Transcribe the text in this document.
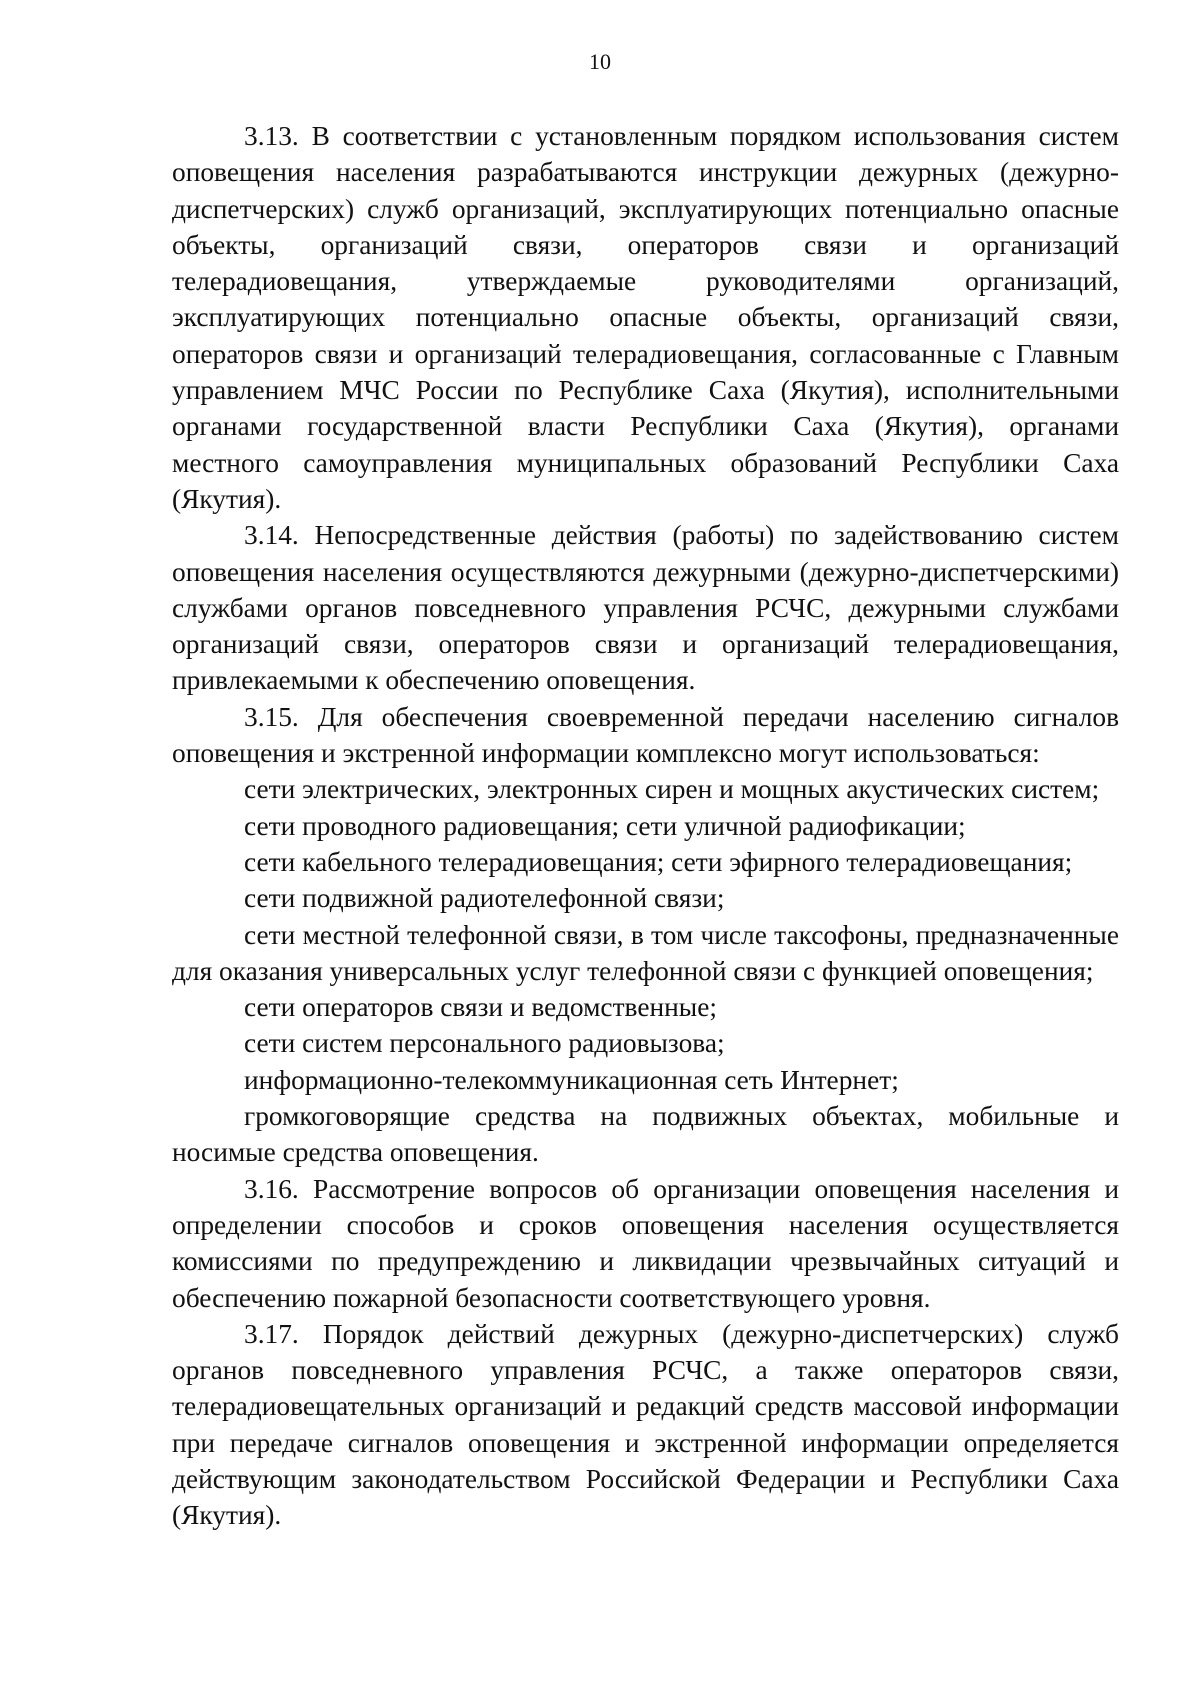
10

3.13. В соответствии с установленным порядком использования систем оповещения населения разрабатываются инструкции дежурных (дежурно-диспетчерских) служб организаций, эксплуатирующих потенциально опасные объекты, организаций связи, операторов связи и организаций телерадиовещания, утверждаемые руководителями организаций, эксплуатирующих потенциально опасные объекты, организаций связи, операторов связи и организаций телерадиовещания, согласованные с Главным управлением МЧС России по Республике Саха (Якутия), исполнительными органами государственной власти Республики Саха (Якутия), органами местного самоуправления муниципальных образований Республики Саха (Якутия).

3.14. Непосредственные действия (работы) по задействованию систем оповещения населения осуществляются дежурными (дежурно-диспетчерскими) службами органов повседневного управления РСЧС, дежурными службами организаций связи, операторов связи и организаций телерадиовещания, привлекаемыми к обеспечению оповещения.

3.15. Для обеспечения своевременной передачи населению сигналов оповещения и экстренной информации комплексно могут использоваться:

сети электрических, электронных сирен и мощных акустических систем;

сети проводного радиовещания; сети уличной радиофикации;

сети кабельного телерадиовещания; сети эфирного телерадиовещания;

сети подвижной радиотелефонной связи;

сети местной телефонной связи, в том числе таксофоны, предназначенные для оказания универсальных услуг телефонной связи с функцией оповещения;

сети операторов связи и ведомственные;

сети систем персонального радиовызова;

информационно-телекоммуникационная сеть Интернет;

громкоговорящие средства на подвижных объектах, мобильные и носимые средства оповещения.

3.16. Рассмотрение вопросов об организации оповещения населения и определении способов и сроков оповещения населения осуществляется комиссиями по предупреждению и ликвидации чрезвычайных ситуаций и обеспечению пожарной безопасности соответствующего уровня.

3.17. Порядок действий дежурных (дежурно-диспетчерских) служб органов повседневного управления РСЧС, а также операторов связи, телерадиовещательных организаций и редакций средств массовой информации при передаче сигналов оповещения и экстренной информации определяется действующим законодательством Российской Федерации и Республики Саха (Якутия).
